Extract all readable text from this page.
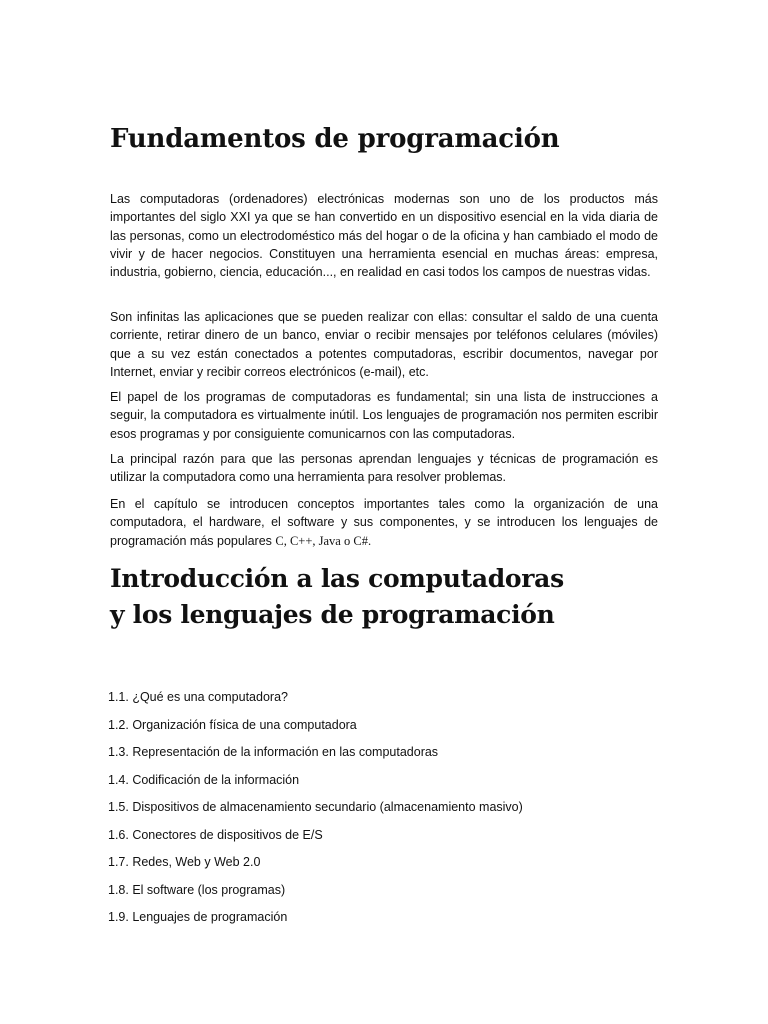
Fundamentos de programación

Las computadoras (ordenadores) electrónicas modernas son uno de los productos más importantes del siglo XXI ya que se han convertido en un dispositivo esencial en la vida diaria de las personas, como un electrodoméstico más del hogar o de la oficina y han cambiado el modo de vivir y de hacer negocios. Constituyen una herramienta esencial en muchas áreas: empresa, industria, gobierno, ciencia, educación..., en realidad en casi todos los campos de nuestras vidas.

Son infinitas las aplicaciones que se pueden realizar con ellas: consultar el saldo de una cuenta corriente, retirar dinero de un banco, enviar o recibir mensajes por teléfonos celulares (móviles) que a su vez están conectados a potentes computadoras, escribir documentos, navegar por Internet, enviar y recibir correos electrónicos (e-mail), etc.

El papel de los programas de computadoras es fundamental; sin una lista de instrucciones a seguir, la computadora es virtualmente inútil. Los lenguajes de programación nos permiten escribir esos programas y por consiguiente comunicarnos con las computadoras.

La principal razón para que las personas aprendan lenguajes y técnicas de programación es utilizar la computadora como una herramienta para resolver problemas.

En el capítulo se introducen conceptos importantes tales como la organización de una computadora, el hardware, el software y sus componentes, y se introducen los lenguajes de programación más populares C, C++, Java o C#.

Introducción a las computadoras
y los lenguajes de programación
1.1. ¿Qué es una computadora?
1.2. Organización física de una computadora
1.3. Representación de la información en las computadoras
1.4. Codificación de la información
1.5. Dispositivos de almacenamiento secundario (almacenamiento masivo)
1.6. Conectores de dispositivos de E/S
1.7. Redes, Web y Web 2.0
1.8. El software (los programas)
1.9. Lenguajes de programación
